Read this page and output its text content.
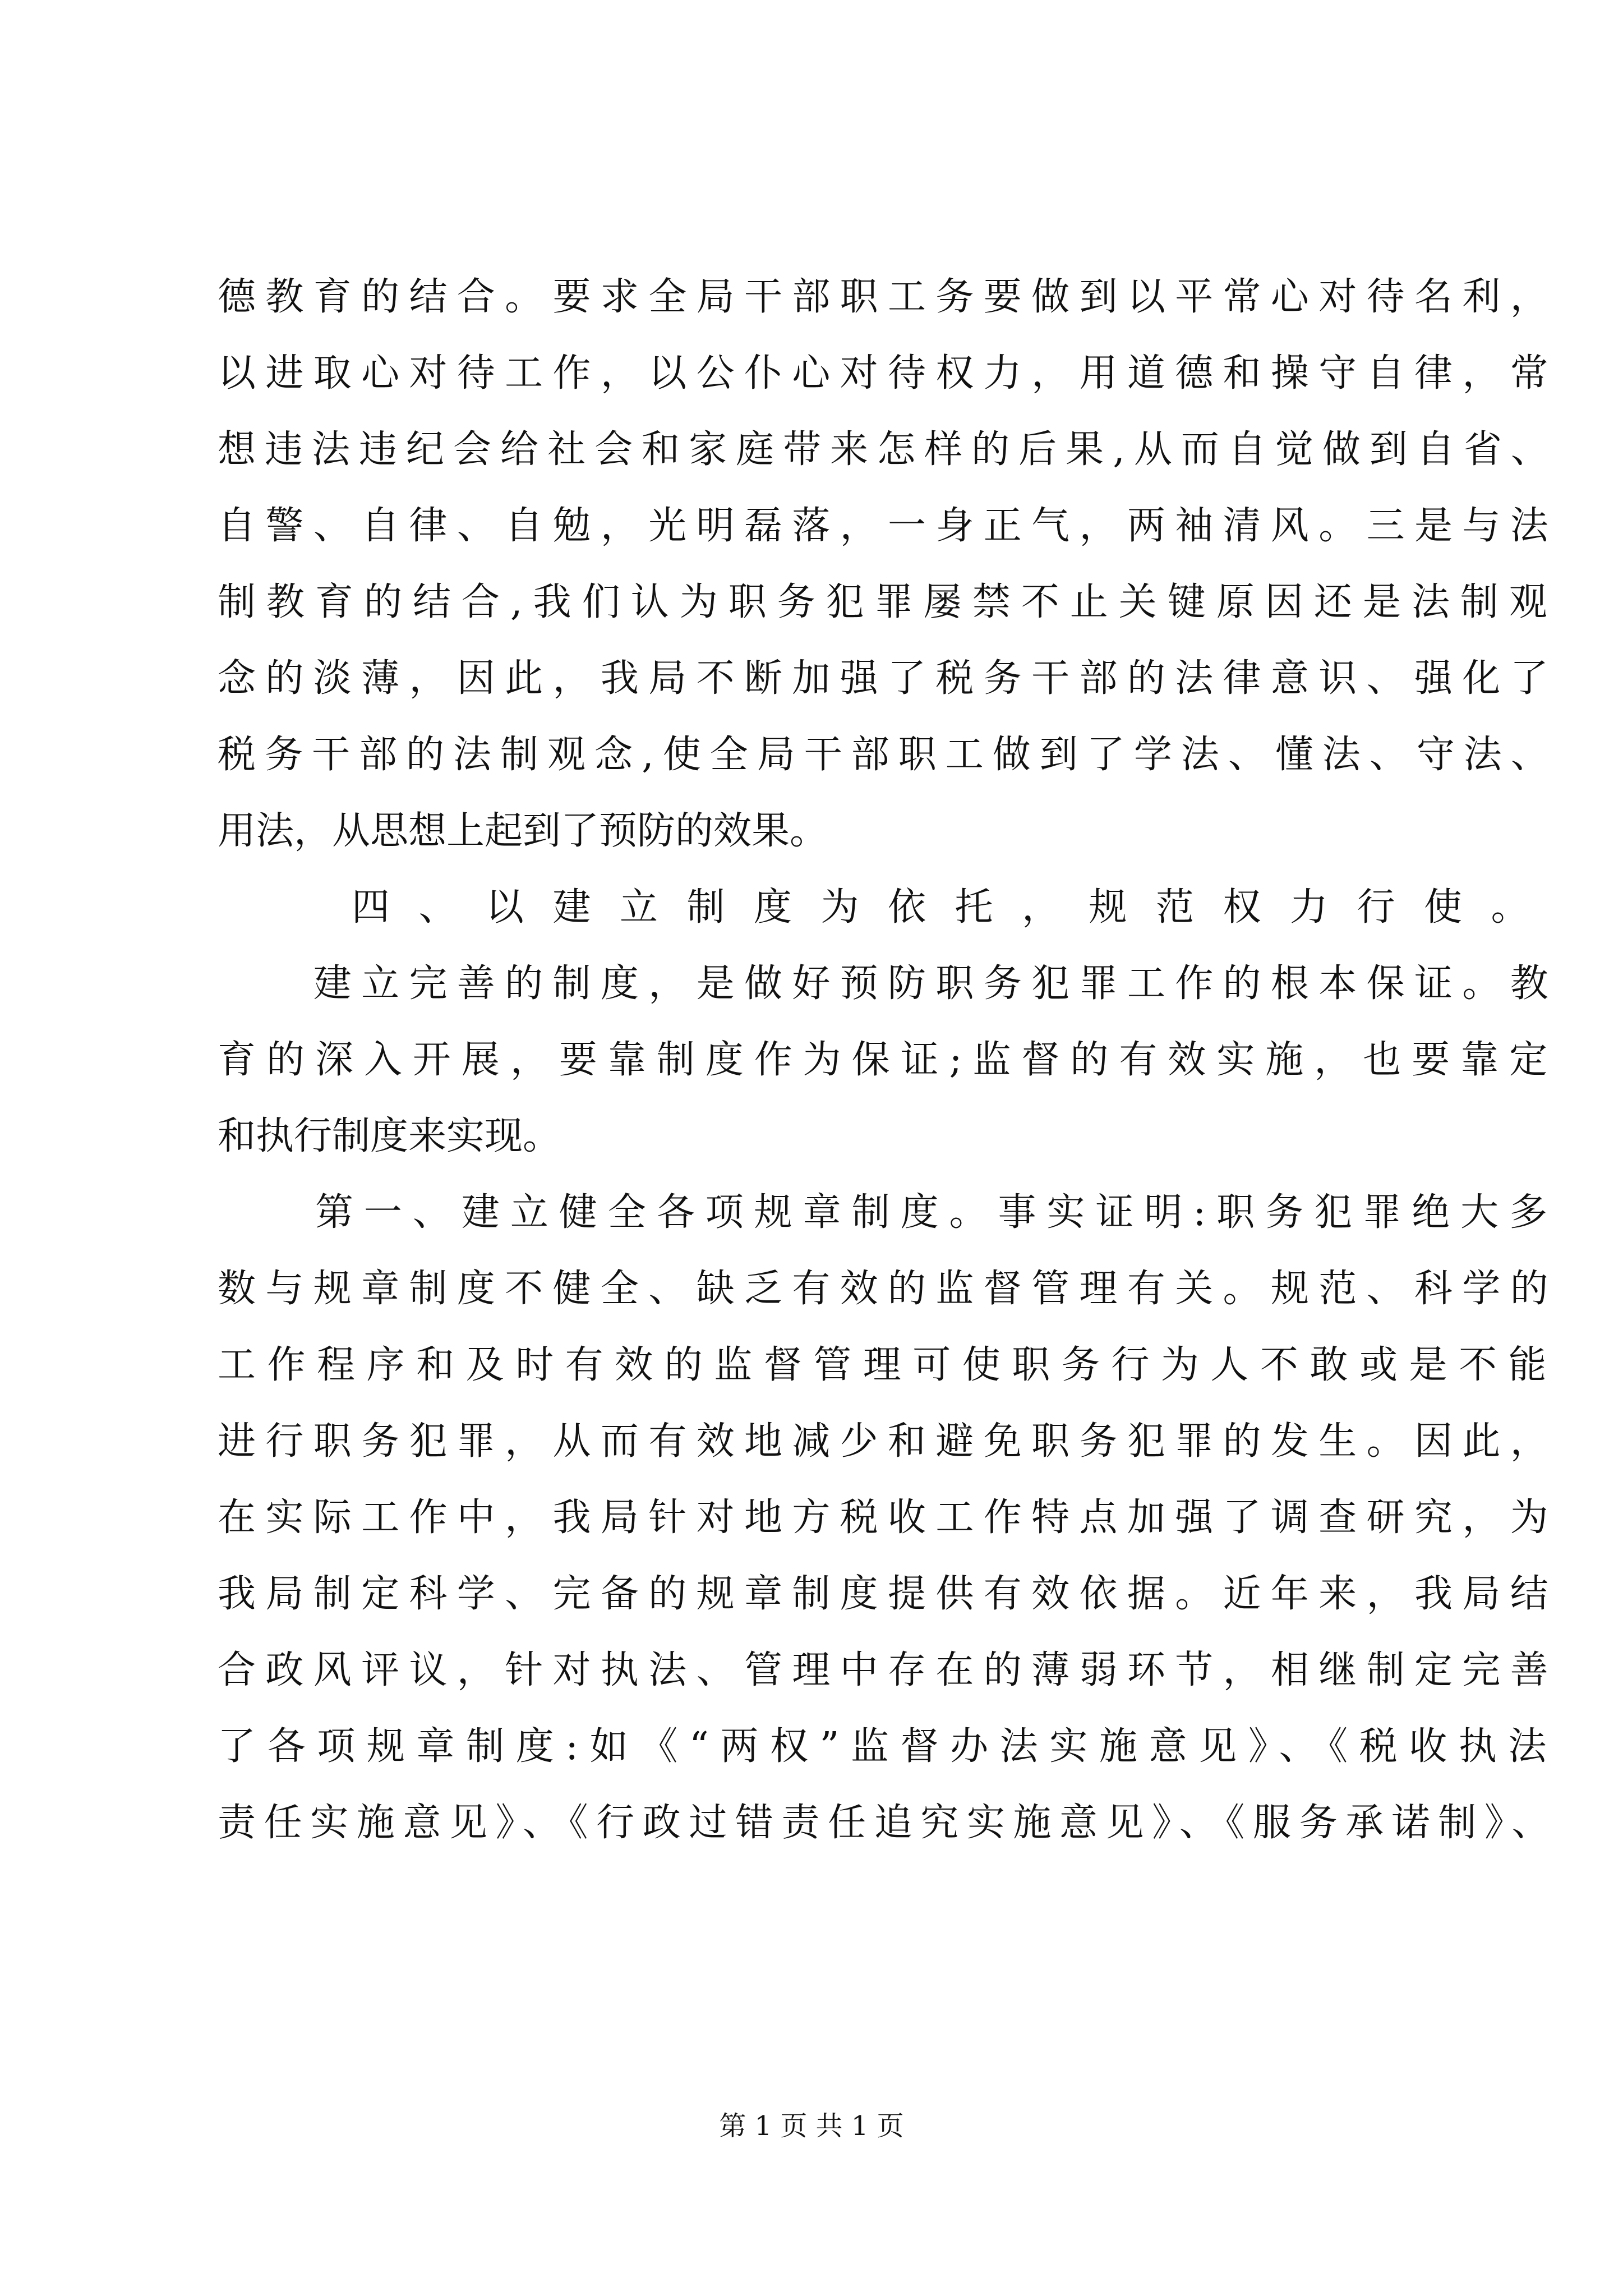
德教育的结合。要求全局干部职工务要做到以平常心对待名利，
以进取心对待工作，以公仆心对待权力，用道德和操守自律，常
想违法违纪会给社会和家庭带来怎样的后果,从而自觉做到自省、
自警、自律、自勉，光明磊落，一身正气，两袖清风。三是与法
制教育的结合,我们认为职务犯罪屡禁不止关键原因还是法制观
念的淡薄，因此，我局不断加强了税务干部的法律意识、强化了
税务干部的法制观念,使全局干部职工做到了学法、懂法、守法、
用法，从思想上起到了预防的效果。
　　四、以建立制度为依托，规范权力行使。
　　建立完善的制度，是做好预防职务犯罪工作的根本保证。教
育的深入开展，要靠制度作为保证;监督的有效实施，也要靠定
和执行制度来实现。
　　第一、建立健全各项规章制度。事实证明:职务犯罪绝大多
数与规章制度不健全、缺乏有效的监督管理有关。规范、科学的
工作程序和及时有效的监督管理可使职务行为人不敢或是不能
进行职务犯罪，从而有效地减少和避免职务犯罪的发生。因此，
在实际工作中，我局针对地方税收工作特点加强了调查研究，为
我局制定科学、完备的规章制度提供有效依据。近年来，我局结
合政风评议，针对执法、管理中存在的薄弱环节，相继制定完善
了各项规章制度:如《“两权”监督办法实施意见》、《税收执法
责任实施意见》、《行政过错责任追究实施意见》、《服务承诺制》、
第 1 页 共 1 页
